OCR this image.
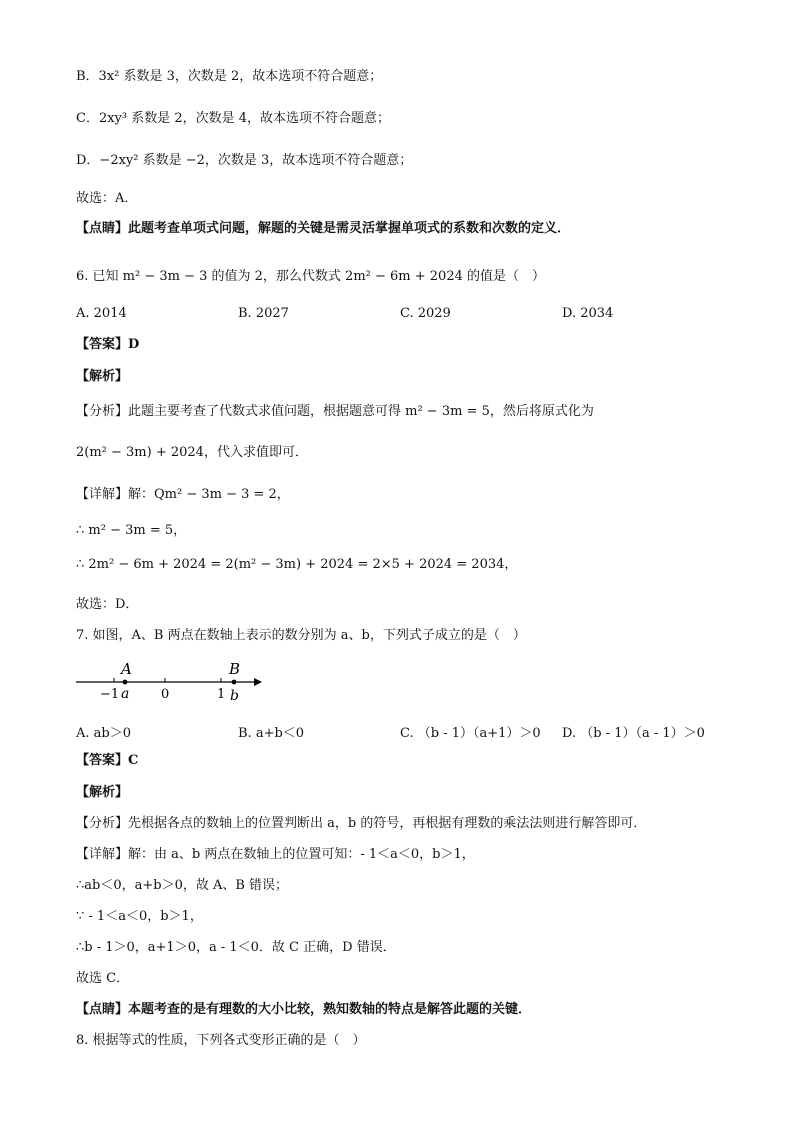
B．3x² 系数是 3，次数是 2，故本选项不符合题意；
C．2xy³ 系数是 2，次数是 4，故本选项不符合题意；
D．−2xy² 系数是 −2，次数是 3，故本选项不符合题意；
故选：A．
【点睛】此题考查单项式问题，解题的关键是需灵活掌握单项式的系数和次数的定义．
6. 已知 m² − 3m − 3 的值为 2，那么代数式 2m² − 6m + 2024 的值是（　）
A. 2014	B. 2027	C. 2029	D. 2034
【答案】D
【解析】
【分析】此题主要考查了代数式求值问题，根据题意可得 m² − 3m = 5，然后将原式化为
2(m² − 3m) + 2024，代入求值即可．
【详解】解：Qm² − 3m − 3 = 2，
∴ m² − 3m = 5，
∴ 2m² − 6m + 2024 = 2(m² − 3m) + 2024 = 2×5 + 2024 = 2034，
故选：D．
7. 如图，A、B 两点在数轴上表示的数分别为 a、b，下列式子成立的是（　）
A	B
−1 a 0	1 b
A. ab＞0	B. a+b＜0	C. （b - 1）（a+1）＞0 D. （b - 1）（a - 1）＞0
【答案】C
【解析】
【分析】先根据各点的数轴上的位置判断出 a，b 的符号，再根据有理数的乘法法则进行解答即可．
【详解】解：由 a、b 两点在数轴上的位置可知：- 1＜a＜0，b＞1，
∴ab＜0，a+b＞0，故 A、B 错误；
∵ - 1＜a＜0，b＞1，
∴b - 1＞0，a+1＞0，a - 1＜0．故 C 正确，D 错误．
故选 C．
【点睛】本题考查的是有理数的大小比较，熟知数轴的特点是解答此题的关键．
8. 根据等式的性质，下列各式变形正确的是（　）
